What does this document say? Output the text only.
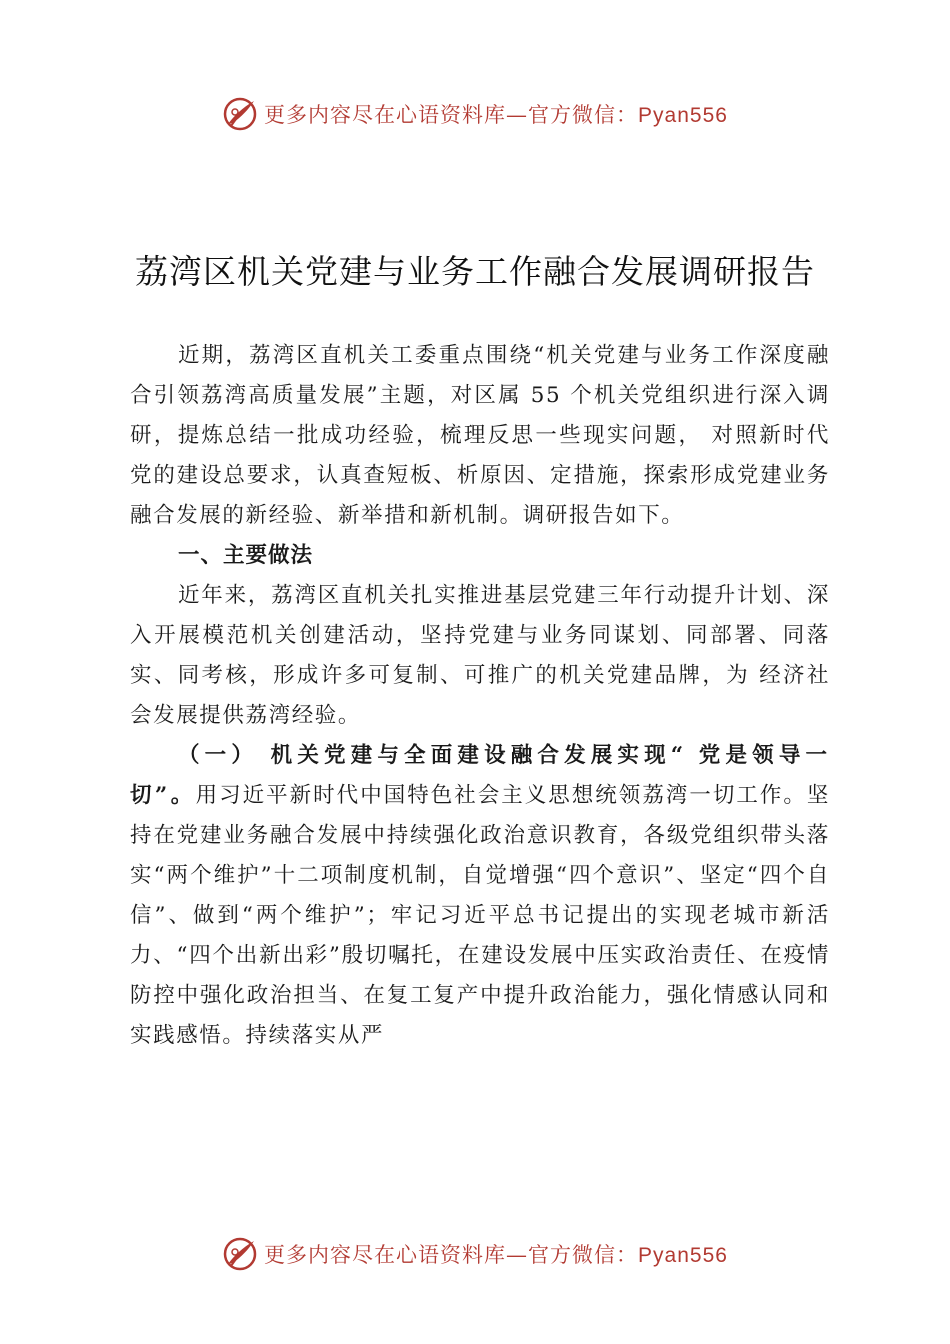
更多内容尽在心语资料库—官方微信：Pyan556
荔湾区机关党建与业务工作融合发展调研报告

近期，荔湾区直机关工委重点围绕“机关党建与业务工作深度融合引领荔湾高质量发展”主题，对区属 55 个机关党组织进行深入调研，提炼总结一批成功经验，梳理反思一些现实问题， 对照新时代党的建设总要求，认真查短板、析原因、定措施，探索形成党建业务融合发展的新经验、新举措和新机制。调研报告如下。

一、主要做法

近年来，荔湾区直机关扎实推进基层党建三年行动提升计划、深入开展模范机关创建活动，坚持党建与业务同谋划、同部署、同落实、同考核，形成许多可复制、可推广的机关党建品牌，为 经济社会发展提供荔湾经验。

（一） 机关党建与全面建设融合发展实现“ 党是领导一切”。用习近平新时代中国特色社会主义思想统领荔湾一切工作。坚持在党建业务融合发展中持续强化政治意识教育，各级党组织带头落实“两个维护”十二项制度机制，自觉增强“四个意识”、坚定“四个自信”、做到“两个维护”；牢记习近平总书记提出的实现老城市新活力、“四个出新出彩”殷切嘱托，在建设发展中压实政治责任、在疫情防控中强化政治担当、在复工复产中提升政治能力，强化情感认同和实践感悟。持续落实从严

更多内容尽在心语资料库—官方微信：Pyan556
